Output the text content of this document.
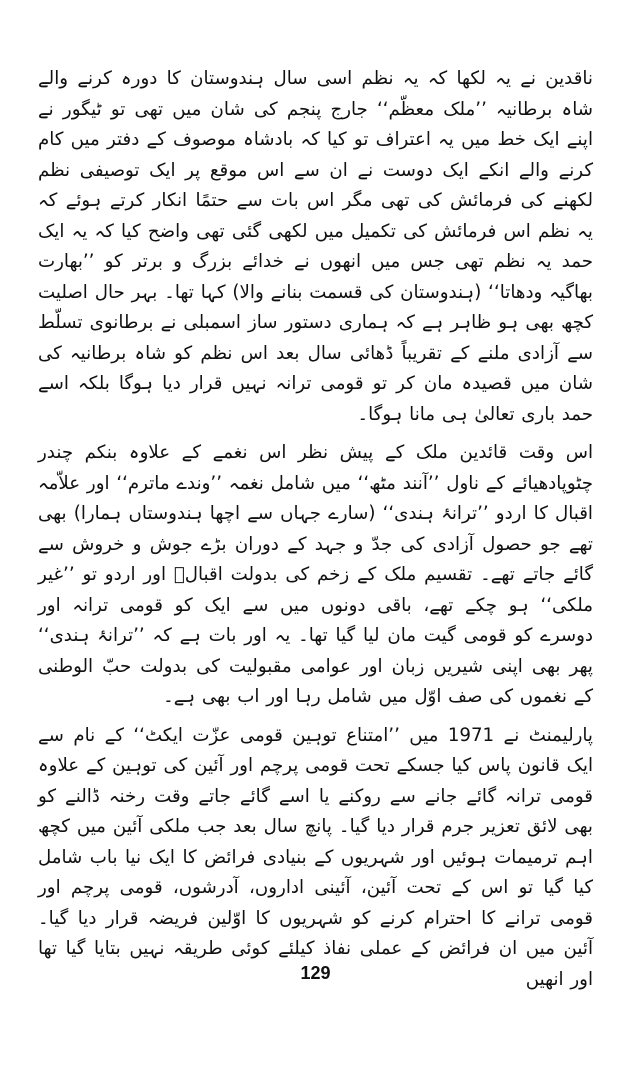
ناقدین نے یہ لکھا کہ یہ نظم اسی سال ہندوستان کا دورہ کرنے والے شاہ برطانیہ ’’ملک معظّم‘‘ جارج پنجم کی شان میں تھی تو ٹیگور نے اپنے ایک خط میں یہ اعتراف تو کیا کہ بادشاہ موصوف کے دفتر میں کام کرنے والے انکے ایک دوست نے ان سے اس موقع پر ایک توصیفی نظم لکھنے کی فرمائش کی تھی مگر اس بات سے حتمًا انکار کرتے ہوئے کہ یہ نظم اس فرمائش کی تکمیل میں لکھی گئی تھی واضح کیا کہ یہ ایک حمد یہ نظم تھی جس میں انھوں نے خدائے بزرگ و برتر کو ’’بھارت بھاگیہ ودھاتا‘‘ (ہندوستان کی قسمت بنانے والا) کہا تھا۔ بہر حال اصلیت کچھ بھی ہو ظاہر ہے کہ ہماری دستور ساز اسمبلی نے برطانوی تسلّط سے آزادی ملنے کے تقریباً ڈھائی سال بعد اس نظم کو شاہ برطانیہ کی شان میں قصیدہ مان کر تو قومی ترانہ نہیں قرار دیا ہوگا بلکہ اسے حمد باری تعالیٰ ہی مانا ہوگا۔

اس وقت قائدین ملک کے پیش نظر اس نغمے کے علاوہ بنکم چندر چٹوپادھیائے کے ناول ’’آنند مٹھ‘‘ میں شامل نغمہ ’’وندے ماترم‘‘ اور علاّمہ اقبال کا اردو ’’ترانۂ ہندی‘‘ (سارے جہاں سے اچھا ہندوستاں ہمارا) بھی تھے جو حصول آزادی کی جدّ و جہد کے دوران بڑے جوش و خروش سے گائے جاتے تھے۔ تقسیم ملک کے زخم کی بدولت اقبالؔ اور اردو تو ’’غیر ملکی‘‘ ہو چکے تھے، باقی دونوں میں سے ایک کو قومی ترانہ اور دوسرے کو قومی گیت مان لیا گیا تھا۔ یہ اور بات ہے کہ ’’ترانۂ ہندی‘‘ پھر بھی اپنی شیریں زبان اور عوامی مقبولیت کی بدولت حبّ الوطنی کے نغموں کی صف اوّل میں شامل رہا اور اب بھی ہے۔

پارلیمنٹ نے 1971 میں ’’امتناع توہین قومی عزّت ایکٹ‘‘ کے نام سے ایک قانون پاس کیا جسکے تحت قومی پرچم اور آئین کی توہین کے علاوہ قومی ترانہ گائے جانے سے روکنے یا اسے گائے جاتے وقت رخنہ ڈالنے کو بھی لائق تعزیر جرم قرار دیا گیا۔ پانچ سال بعد جب ملکی آئین میں کچھ اہم ترمیمات ہوئیں اور شہریوں کے بنیادی فرائض کا ایک نیا باب شامل کیا گیا تو اس کے تحت آئین، آئینی اداروں، آدرشوں، قومی پرچم اور قومی ترانے کا احترام کرنے کو شہریوں کا اوّلین فریضہ قرار دیا گیا۔ آئین میں ان فرائض کے عملی نفاذ کیلئے کوئی طریقہ نہیں بتایا گیا تھا اور انھیں

129
